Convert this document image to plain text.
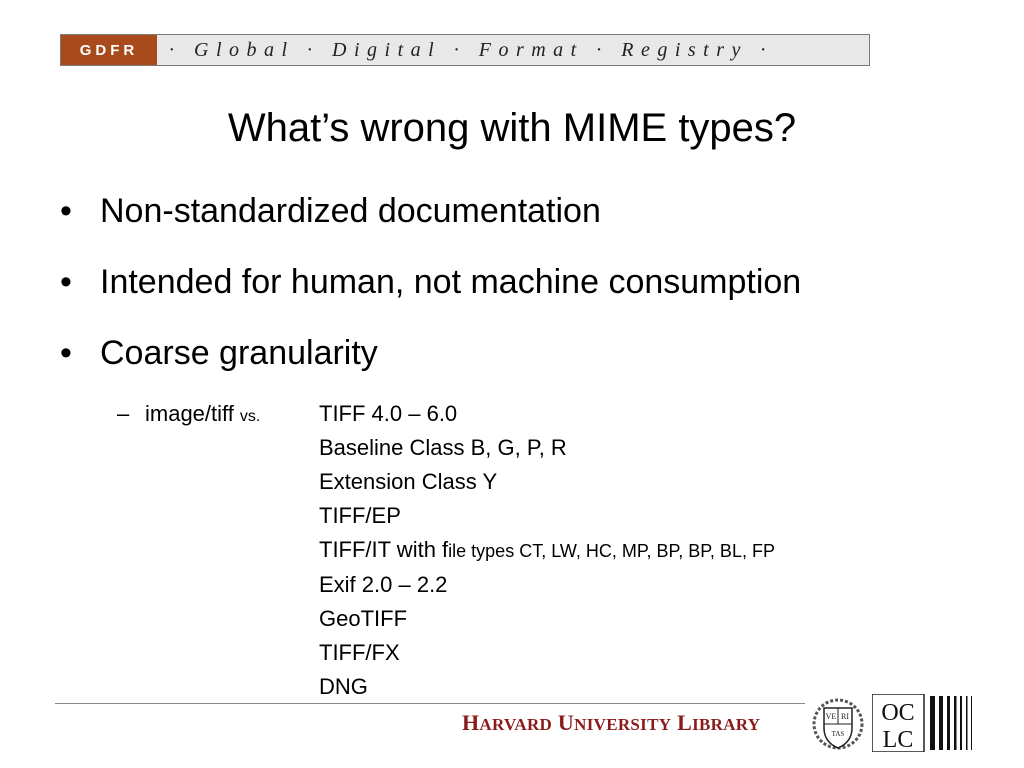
GDFR	· Global · Digital · Format · Registry ·
What’s wrong with MIME types?
• Non-standardized documentation
• Intended for human, not machine consumption
• Coarse granularity
– image/tiff vs.	TIFF 4.0 – 6.0
Baseline Class B, G, P, R
Extension Class Y
TIFF/EP
TIFF/IT with file types CT, LW, HC, MP, BP, BP, BL, FP
Exif 2.0 – 2.2
GeoTIFF
TIFF/FX
DNG
HARVARD UNIVERSITY LIBRARY	VE RI
TAS
OC
LC
